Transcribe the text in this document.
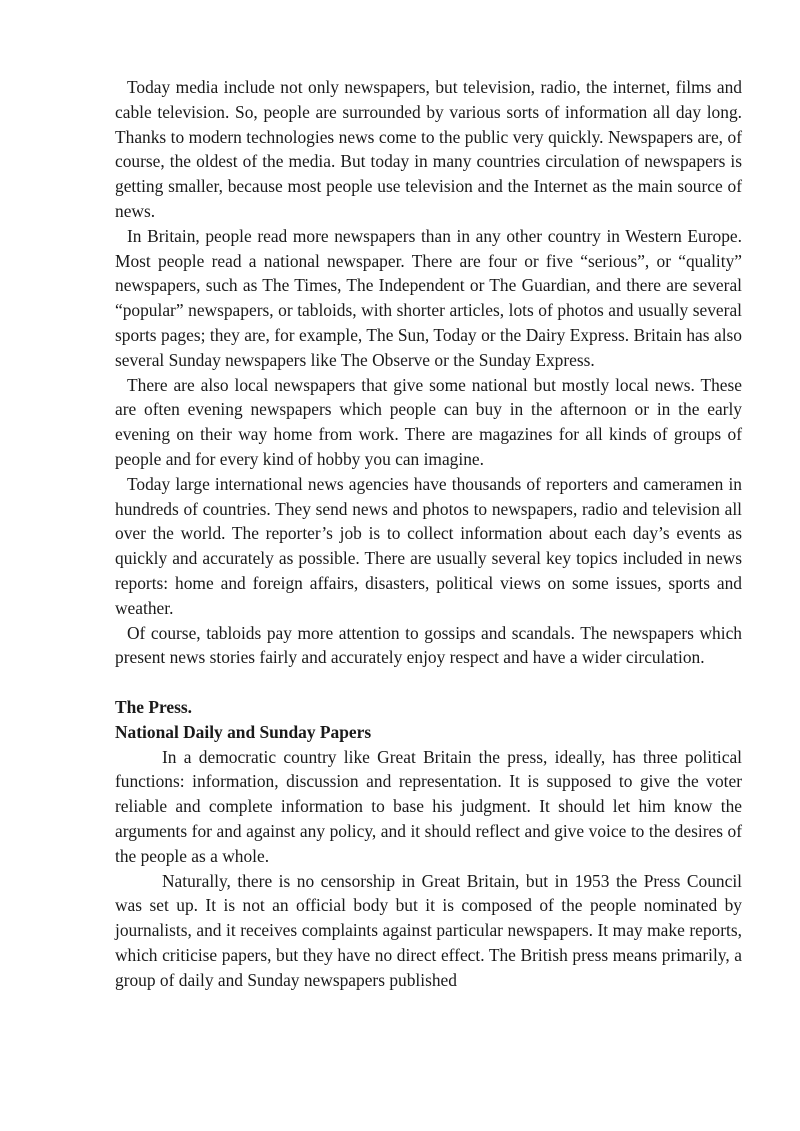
Today media include not only newspapers, but television, radio, the internet, films and cable television. So, people are surrounded by various sorts of information all day long. Thanks to modern technologies news come to the public very quickly. Newspapers are, of course, the oldest of the media. But today in many countries circulation of newspapers is getting smaller, because most people use television and the Internet as the main source of news.

In Britain, people read more newspapers than in any other country in Western Europe. Most people read a national newspaper. There are four or five “serious”, or “quality” newspapers, such as The Times, The Independent or The Guardian, and there are several “popular” newspapers, or tabloids, with shorter articles, lots of photos and usually several sports pages; they are, for example, The Sun, Today or the Dairy Express. Britain has also several Sunday newspapers like The Observe or the Sunday Express.

There are also local newspapers that give some national but mostly local news. These are often evening newspapers which people can buy in the afternoon or in the early evening on their way home from work. There are magazines for all kinds of groups of people and for every kind of hobby you can imagine.

Today large international news agencies have thousands of reporters and cameramen in hundreds of countries. They send news and photos to newspapers, radio and television all over the world. The reporter’s job is to collect information about each day’s events as quickly and accurately as possible. There are usually several key topics included in news reports: home and foreign affairs, disasters, political views on some issues, sports and weather.

Of course, tabloids pay more attention to gossips and scandals. The newspapers which present news stories fairly and accurately enjoy respect and have a wider circulation.

The Press.

National Daily and Sunday Papers

In a democratic country like Great Britain the press, ideally, has three political functions: information, discussion and representation. It is supposed to give the voter reliable and complete information to base his judgment. It should let him know the arguments for and against any policy, and it should reflect and give voice to the desires of the people as a whole.

Naturally, there is no censorship in Great Britain, but in 1953 the Press Council was set up. It is not an official body but it is composed of the people nominated by journalists, and it receives complaints against particular newspapers. It may make reports, which criticise papers, but they have no direct effect. The British press means primarily, a group of daily and Sunday newspapers published
